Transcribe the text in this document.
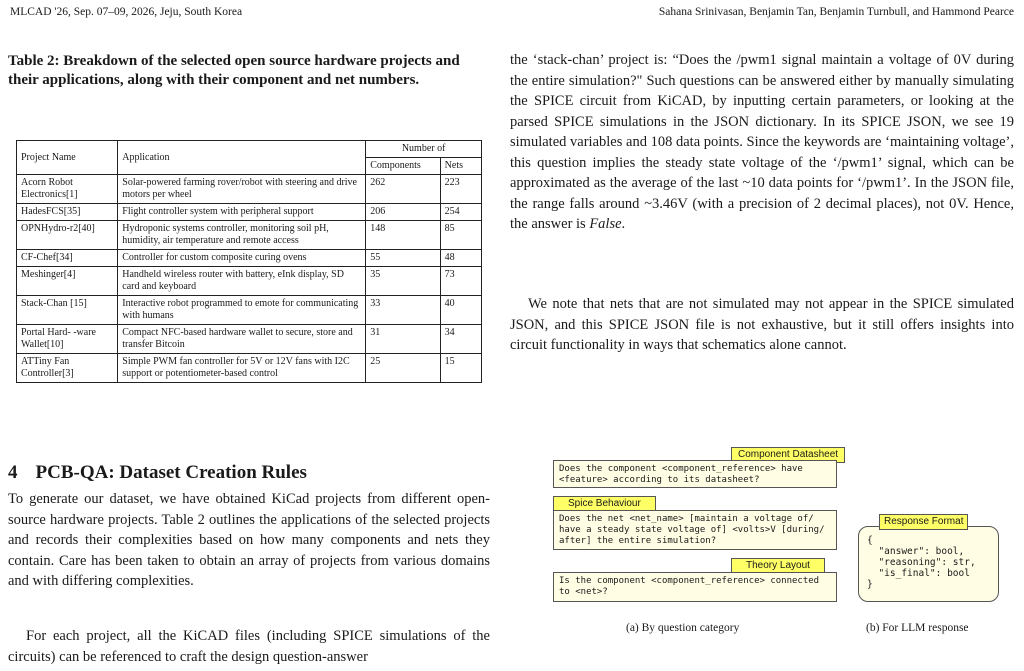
MLCAD '26, Sep. 07–09, 2026, Jeju, South Korea	Sahana Srinivasan, Benjamin Tan, Benjamin Turnbull, and Hammond Pearce

Table 2: Breakdown of the selected open source hardware projects and their applications, along with their component and net numbers.

Project Name	Application	Number of	
		Components	Nets
Acorn Robot Electronics[1]	Solar-powered farming rover/robot with steering and drive motors per wheel	262	223
HadesFCS[35]	Flight controller system with peripheral support	206	254
OPNHydro-r2[40]	Hydroponic systems controller, monitoring soil pH, humidity, air temperature and remote access	148	85
CF-Chef[34]	Controller for custom composite curing ovens	55	48
Meshinger[4]	Handheld wireless router with battery, eInk display, SD card and keyboard	35	73
Stack-Chan [15]	Interactive robot programmed to emote for communicating with humans	33	40
Portal Hard- -ware Wallet[10]	Compact NFC-based hardware wallet to secure, store and transfer Bitcoin	31	34
ATTiny Fan Controller[3]	Simple PWM fan controller for 5V or 12V fans with I2C support or potentiometer-based control	25	15
4 PCB-QA: Dataset Creation Rules

To generate our dataset, we have obtained KiCad projects from different open-source hardware projects. Table 2 outlines the applications of the selected projects and records their complexities based on how many components and nets they contain. Care has been taken to obtain an array of projects from various domains and with differing complexities.

For each project, all the KiCAD files (including SPICE simulations of the circuits) can be referenced to craft the design question-answer

the ‘stack-chan’ project is: “Does the /pwm1 signal maintain a voltage of 0V during the entire simulation?" Such questions can be answered either by manually simulating the SPICE circuit from KiCAD, by inputting certain parameters, or looking at the parsed SPICE simulations in the JSON dictionary. In its SPICE JSON, we see 19 simulated variables and 108 data points. Since the keywords are ‘maintaining voltage’, this question implies the steady state voltage of the ‘/pwm1’ signal, which can be approximated as the average of the last ~10 data points for ‘/pwm1’. In the JSON file, the range falls around ~3.46V (with a precision of 2 decimal places), not 0V. Hence, the answer is False.

We note that nets that are not simulated may not appear in the SPICE simulated JSON, and this SPICE JSON file is not exhaustive, but it still offers insights into circuit functionality in ways that schematics alone cannot.

Component Datasheet
Does the component <component_reference> have <feature> according to its datasheet?
Spice Behaviour
Does the net <net_name> [maintain a voltage of/ have a steady state voltage of] <volts>V [during/ after] the entire simulation?
Theory Layout
Is the component <component_reference> connected to <net>?
{
"answer": bool,
"reasoning": str,
"is_final": bool
}
Response Format
(a) By question category	(b) For LLM response
